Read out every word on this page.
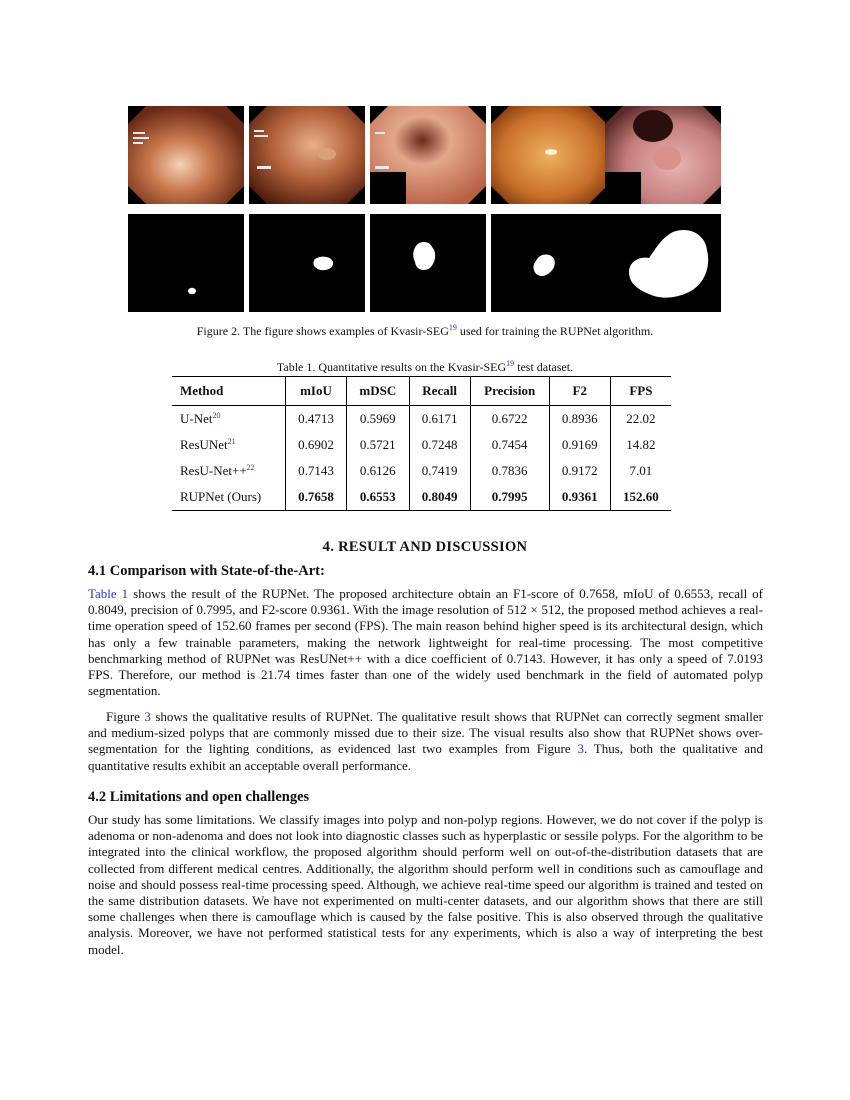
Figure 2. The figure shows examples of Kvasir-SEG$^{19}$ used for training the RUPNet algorithm.
Table 1. Quantitative results on the Kvasir-SEG$^{19}$ test dataset.
Method	mIoU	mDSC	Recall	Precision	F2	FPS
U-Net$^{20}$	0.4713	0.5969	0.6171	0.6722	0.8936	22.02
ResUNet$^{21}$	0.6902	0.5721	0.7248	0.7454	0.9169	14.82
ResU-Net++$^{22}$	0.7143	0.6126	0.7419	0.7836	0.9172	7.01
RUPNet (Ours)	0.7658	0.6553	0.8049	0.7995	0.9361	152.60
4. RESULT AND DISCUSSION
4.1 Comparison with State-of-the-Art:
Table 1 shows the result of the RUPNet. The proposed architecture obtain an F1-score of 0.7658, mIoU of 0.6553, recall of 0.8049, precision of 0.7995, and F2-score 0.9361. With the image resolution of 512 × 512, the proposed method achieves a real-time operation speed of 152.60 frames per second (FPS). The main reason behind higher speed is its architectural design, which has only a few trainable parameters, making the network lightweight for real-time processing. The most competitive benchmarking method of RUPNet was ResUNet++ with a dice coefficient of 0.7143. However, it has only a speed of 7.0193 FPS. Therefore, our method is 21.74 times faster than one of the widely used benchmark in the field of automated polyp segmentation.
Figure 3 shows the qualitative results of RUPNet. The qualitative result shows that RUPNet can correctly segment smaller and medium-sized polyps that are commonly missed due to their size. The visual results also show that RUPNet shows over-segmentation for the lighting conditions, as evidenced last two examples from Figure 3. Thus, both the qualitative and quantitative results exhibit an acceptable overall performance.
4.2 Limitations and open challenges
Our study has some limitations. We classify images into polyp and non-polyp regions. However, we do not cover if the polyp is adenoma or non-adenoma and does not look into diagnostic classes such as hyperplastic or sessile polyps. For the algorithm to be integrated into the clinical workflow, the proposed algorithm should perform well on out-of-the-distribution datasets that are collected from different medical centres. Additionally, the algorithm should perform well in conditions such as camouflage and noise and should possess real-time processing speed. Although, we achieve real-time speed our algorithm is trained and tested on the same distribution datasets. We have not experimented on multi-center datasets, and our algorithm shows that there are still some challenges when there is camouflage which is caused by the false positive. This is also observed through the qualitative analysis. Moreover, we have not performed statistical tests for any experiments, which is also a way of interpreting the best model.
